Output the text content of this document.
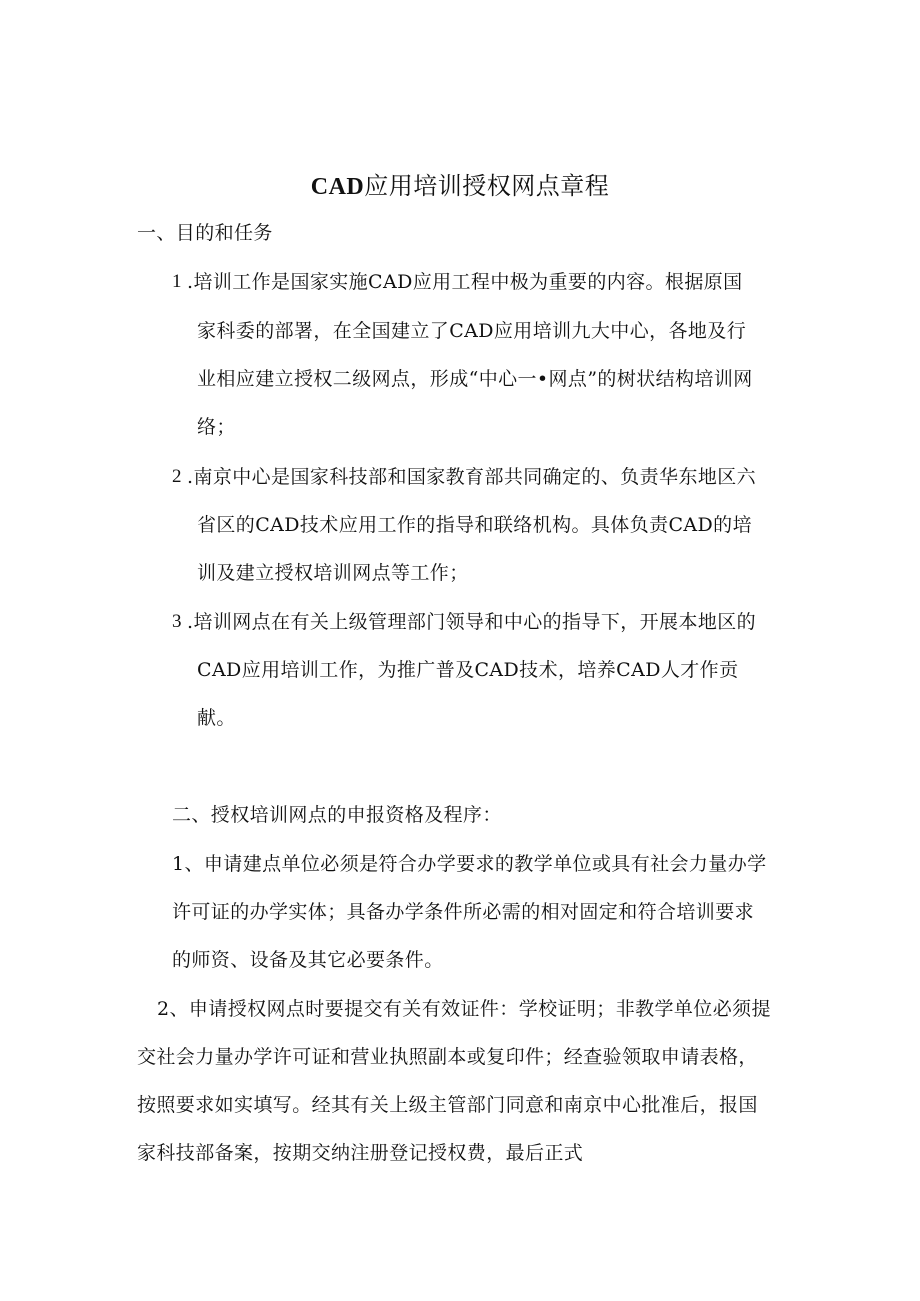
CAD应用培训授权网点章程
一、目的和任务
1 .培训工作是国家实施CAD应用工程中极为重要的内容。根据原国
家科委的部署，在全国建立了CAD应用培训九大中心，各地及行
业相应建立授权二级网点，形成“中心一•网点”的树状结构培训网
络；
2 .南京中心是国家科技部和国家教育部共同确定的、负责华东地区六
省区的CAD技术应用工作的指导和联络机构。具体负责CAD的培
训及建立授权培训网点等工作；
3 .培训网点在有关上级管理部门领导和中心的指导下，开展本地区的
CAD应用培训工作，为推广普及CAD技术，培养CAD人才作贡
献。
二、授权培训网点的申报资格及程序：
1、申请建点单位必须是符合办学要求的教学单位或具有社会力量办学
许可证的办学实体；具备办学条件所必需的相对固定和符合培训要求
的师资、设备及其它必要条件。
2、申请授权网点时要提交有关有效证件：学校证明；非教学单位必须提
交社会力量办学许可证和营业执照副本或复印件；经查验领取申请表格，
按照要求如实填写。经其有关上级主管部门同意和南京中心批准后，报国
家科技部备案，按期交纳注册登记授权费，最后正式
